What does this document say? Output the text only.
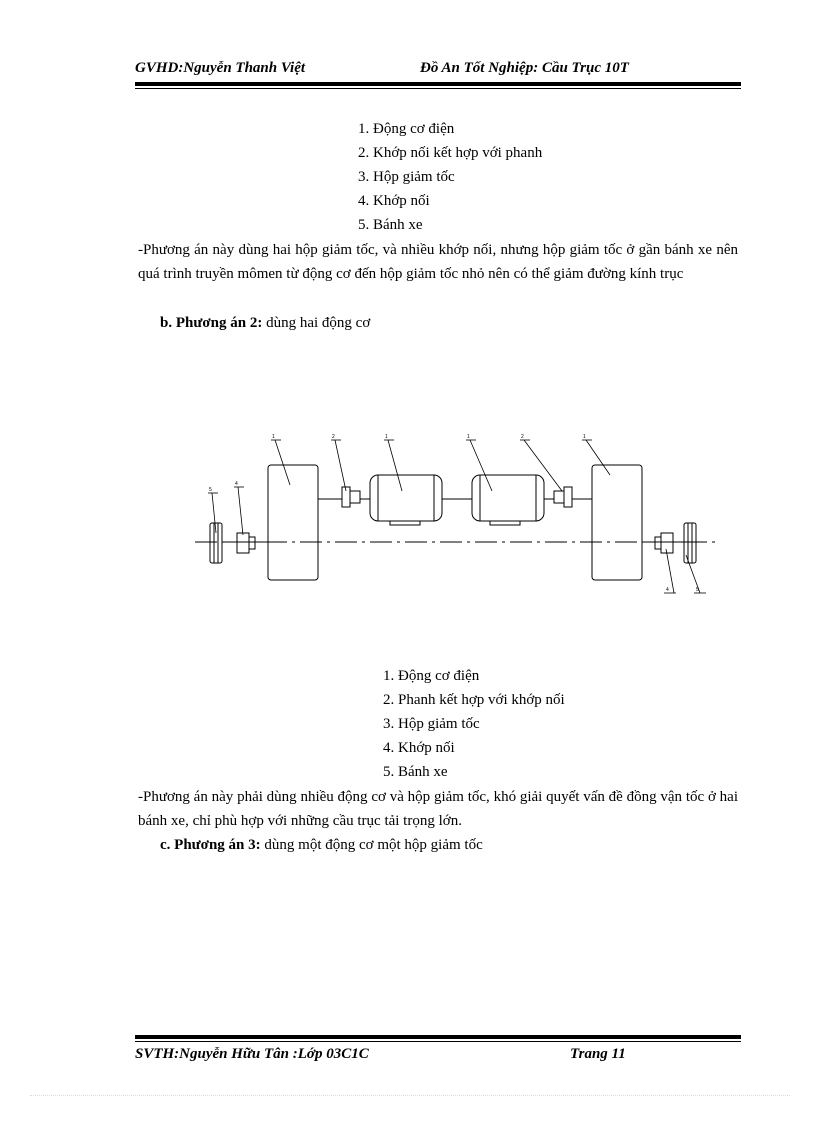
GVHD:Nguyễn Thanh Việt	Đồ An Tốt Nghiệp: Cầu Trục 10T
1. Động cơ điện
2. Khớp nối kết hợp với phanh
3. Hộp giảm tốc
4. Khớp nối
5. Bánh xe

-Phương án này dùng hai hộp giảm tốc, và nhiều khớp nối, nhưng hộp giảm tốc ở gần bánh xe nên quá trình truyền mômen từ động cơ đến hộp giảm tốc nhỏ nên có thể giảm đường kính trục

b. Phương án 2: dùng hai động cơ
5
4
1	2	1	1	2	1
4	5
1. Động cơ điện
2. Phanh kết hợp với khớp nối
3. Hộp giảm tốc
4. Khớp nối
5. Bánh xe

-Phương án này phải dùng nhiều động cơ và hộp giảm tốc, khó giải quyết vấn đề đồng vận tốc ở hai bánh xe, chỉ phù hợp với những cầu trục tải trọng lớn.

c. Phương án 3: dùng một động cơ một hộp giảm tốc
SVTH:Nguyễn Hữu Tân :Lớp 03C1C	Trang 11
